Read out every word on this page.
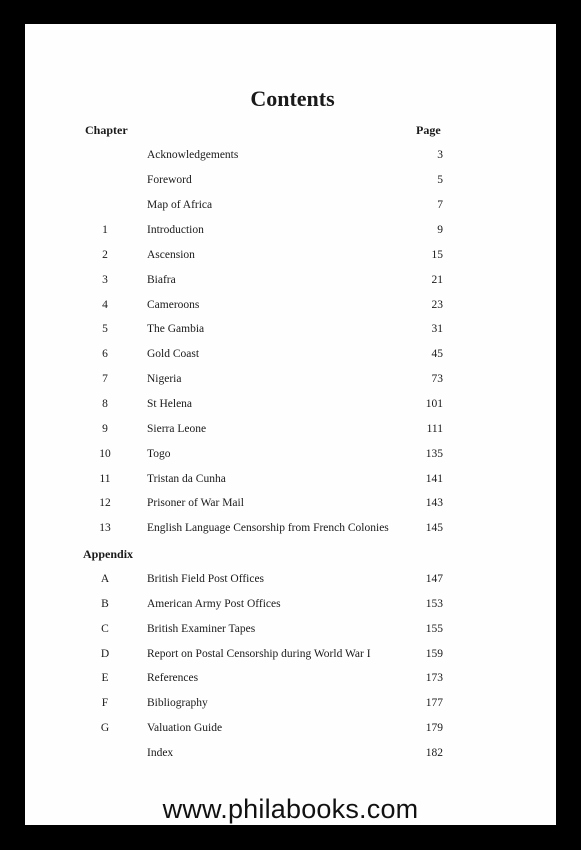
Contents
Chapter	Page
Appendix
Acknowledgements	3
Foreword	5
Map of Africa	7
1	Introduction	9
2	Ascension	15
3	Biafra	21
4	Cameroons	23
5	The Gambia	31
6	Gold Coast	45
7	Nigeria	73
8	St Helena	101
9	Sierra Leone	111
10	Togo	135
11	Tristan da Cunha	141
12	Prisoner of War Mail	143
13	English Language Censorship from French Colonies	145
A	British Field Post Offices	147
B	American Army Post Offices	153
C	British Examiner Tapes	155
D	Report on Postal Censorship during World War I	159
E	References	173
F	Bibliography	177
G	Valuation Guide	179
Index	182
www.philabooks.com
